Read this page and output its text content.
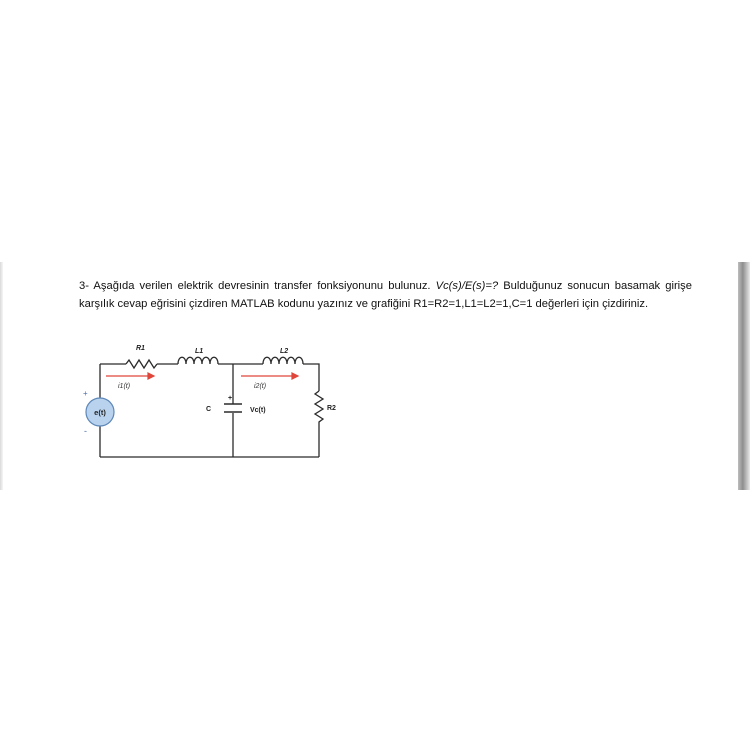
3- Aşağıda verilen elektrik devresinin transfer fonksiyonunu bulunuz. Vc(s)/E(s)=? Bulduğunuz sonucun basamak girişe karşılık cevap eğrisini çizdiren MATLAB kodunu yazınız ve grafiğini R1=R2=1,L1=L2=1,C=1 değerleri için çizdiriniz.
e(t)
+
-
R1	L1	L2
R2
C
+
Vc(t)
i1(t)	i2(t)
